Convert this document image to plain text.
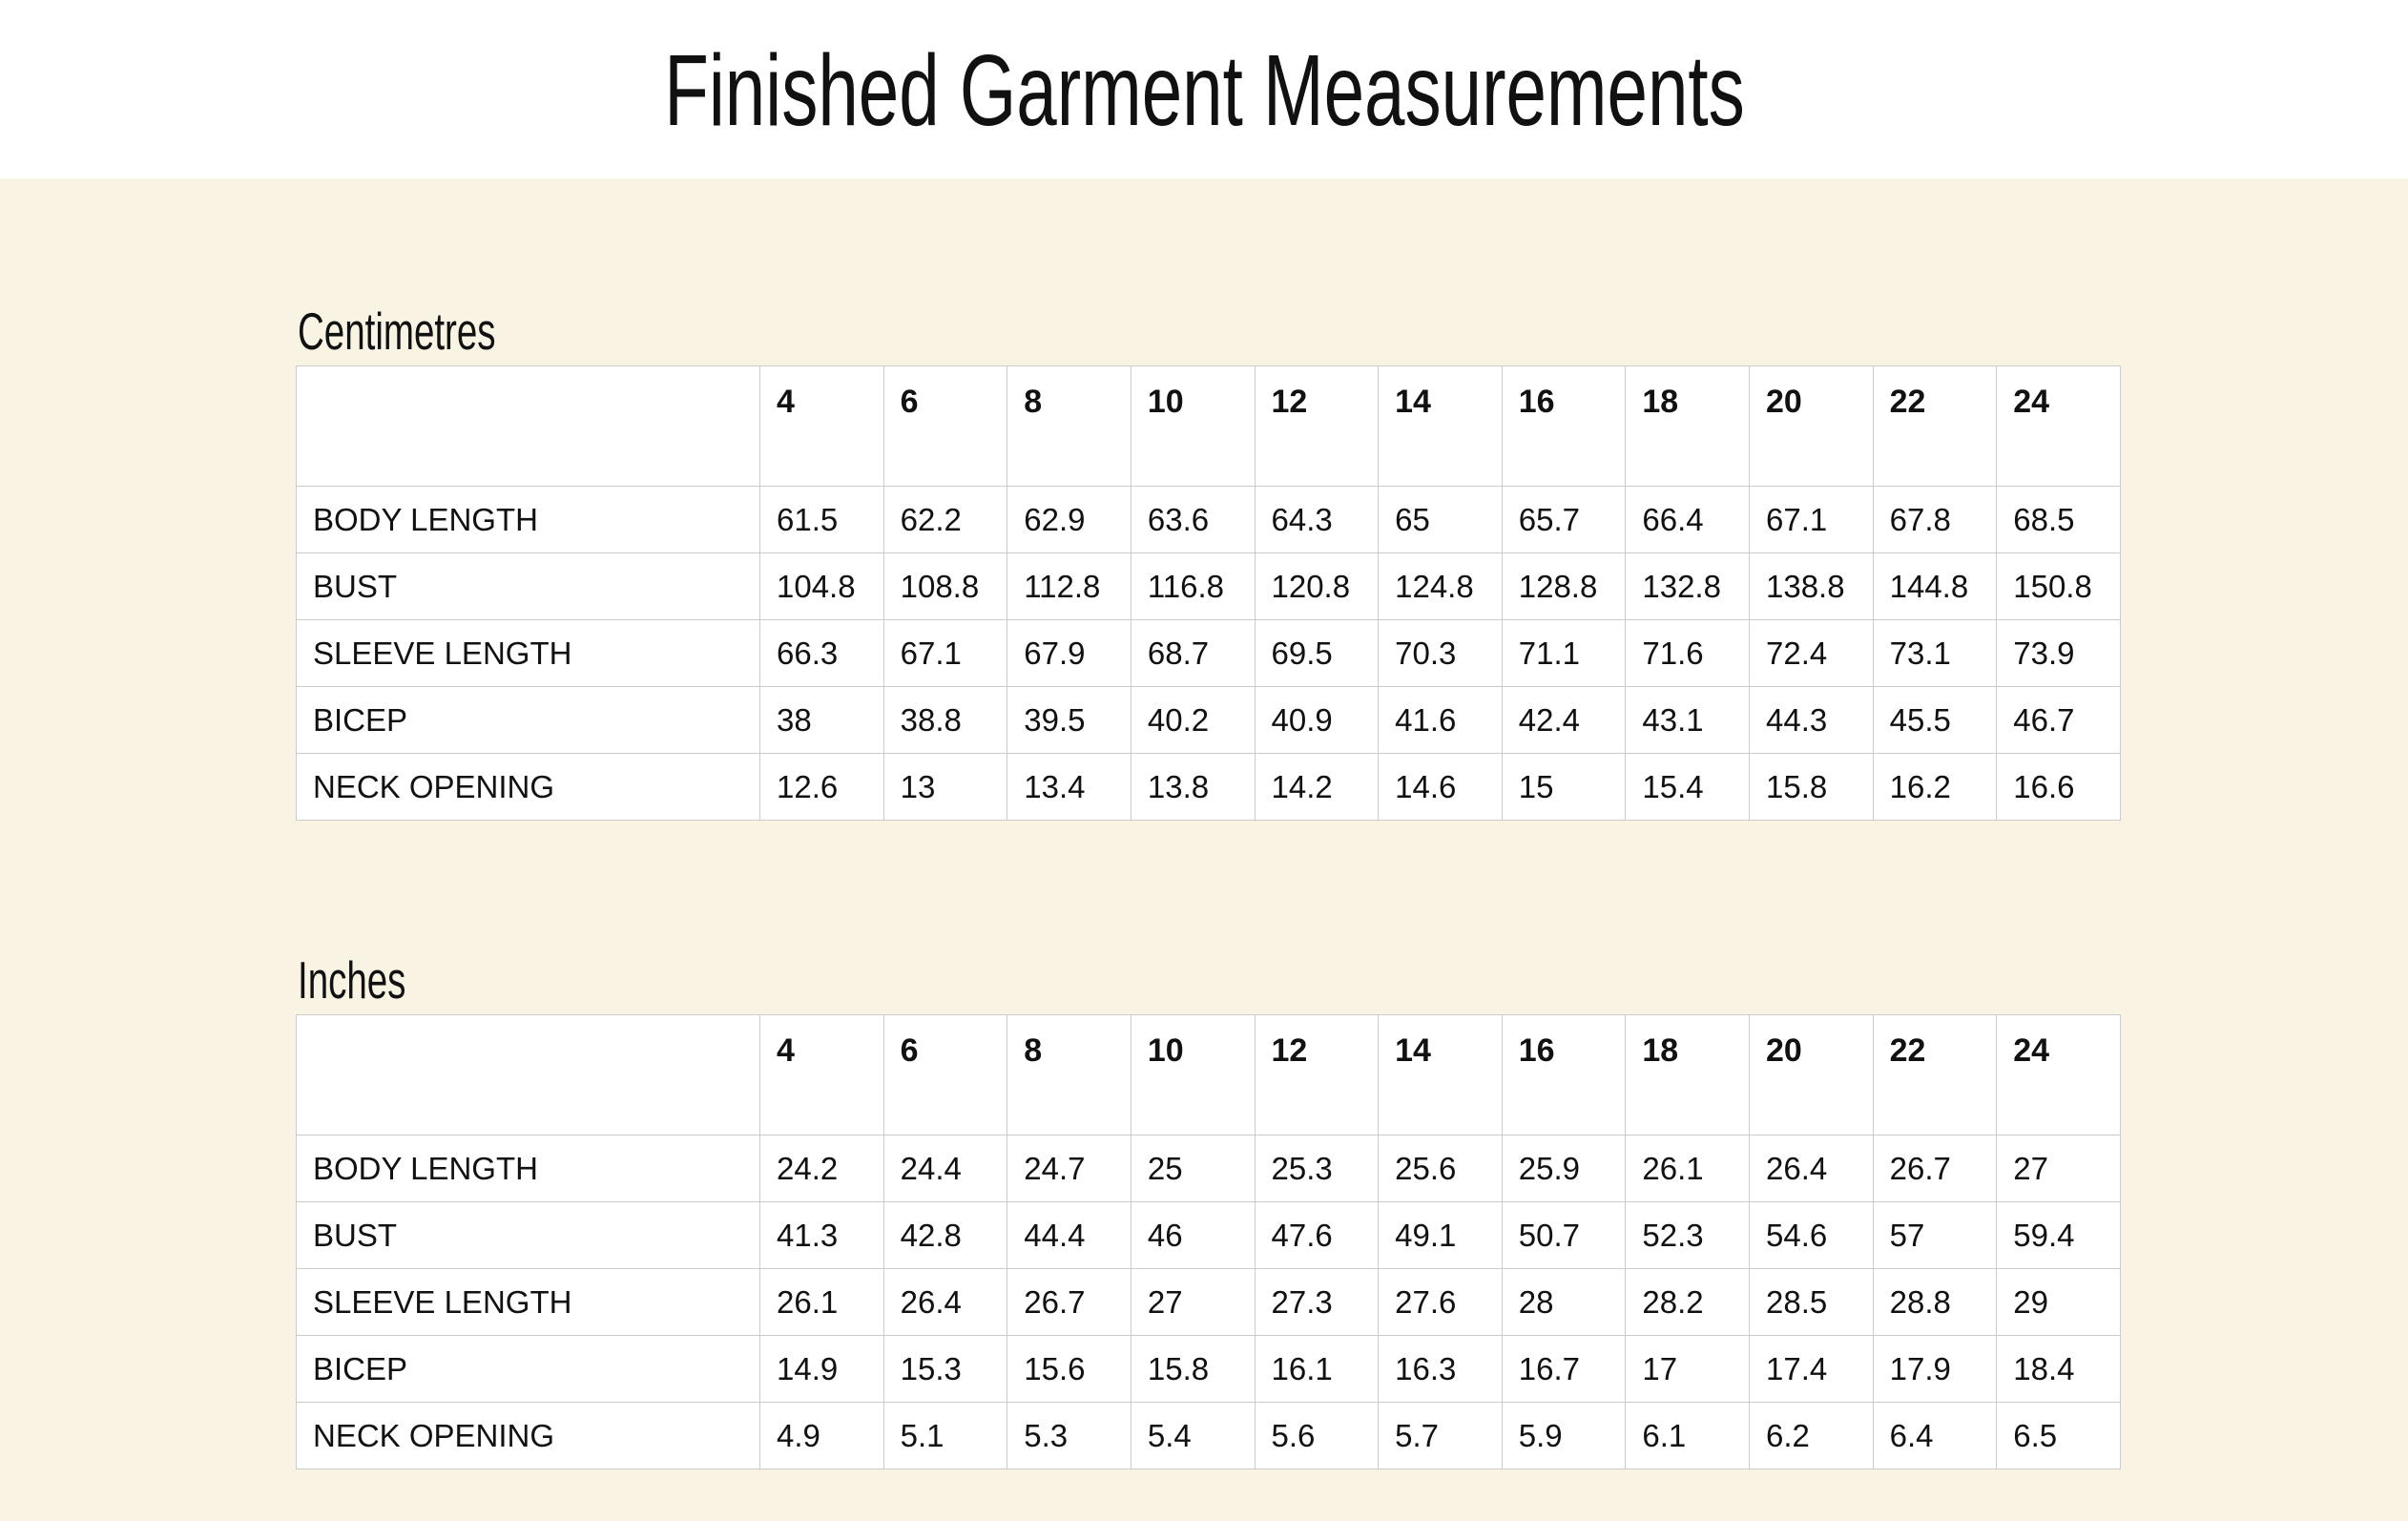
Finished Garment Measurements
Centimetres
	4	6	8	10	12	14	16	18	20	22	24
BODY LENGTH	61.5	62.2	62.9	63.6	64.3	65	65.7	66.4	67.1	67.8	68.5
BUST	104.8	108.8	112.8	116.8	120.8	124.8	128.8	132.8	138.8	144.8	150.8
SLEEVE LENGTH	66.3	67.1	67.9	68.7	69.5	70.3	71.1	71.6	72.4	73.1	73.9
BICEP	38	38.8	39.5	40.2	40.9	41.6	42.4	43.1	44.3	45.5	46.7
NECK OPENING	12.6	13	13.4	13.8	14.2	14.6	15	15.4	15.8	16.2	16.6
Inches
	4	6	8	10	12	14	16	18	20	22	24
BODY LENGTH	24.2	24.4	24.7	25	25.3	25.6	25.9	26.1	26.4	26.7	27
BUST	41.3	42.8	44.4	46	47.6	49.1	50.7	52.3	54.6	57	59.4
SLEEVE LENGTH	26.1	26.4	26.7	27	27.3	27.6	28	28.2	28.5	28.8	29
BICEP	14.9	15.3	15.6	15.8	16.1	16.3	16.7	17	17.4	17.9	18.4
NECK OPENING	4.9	5.1	5.3	5.4	5.6	5.7	5.9	6.1	6.2	6.4	6.5
